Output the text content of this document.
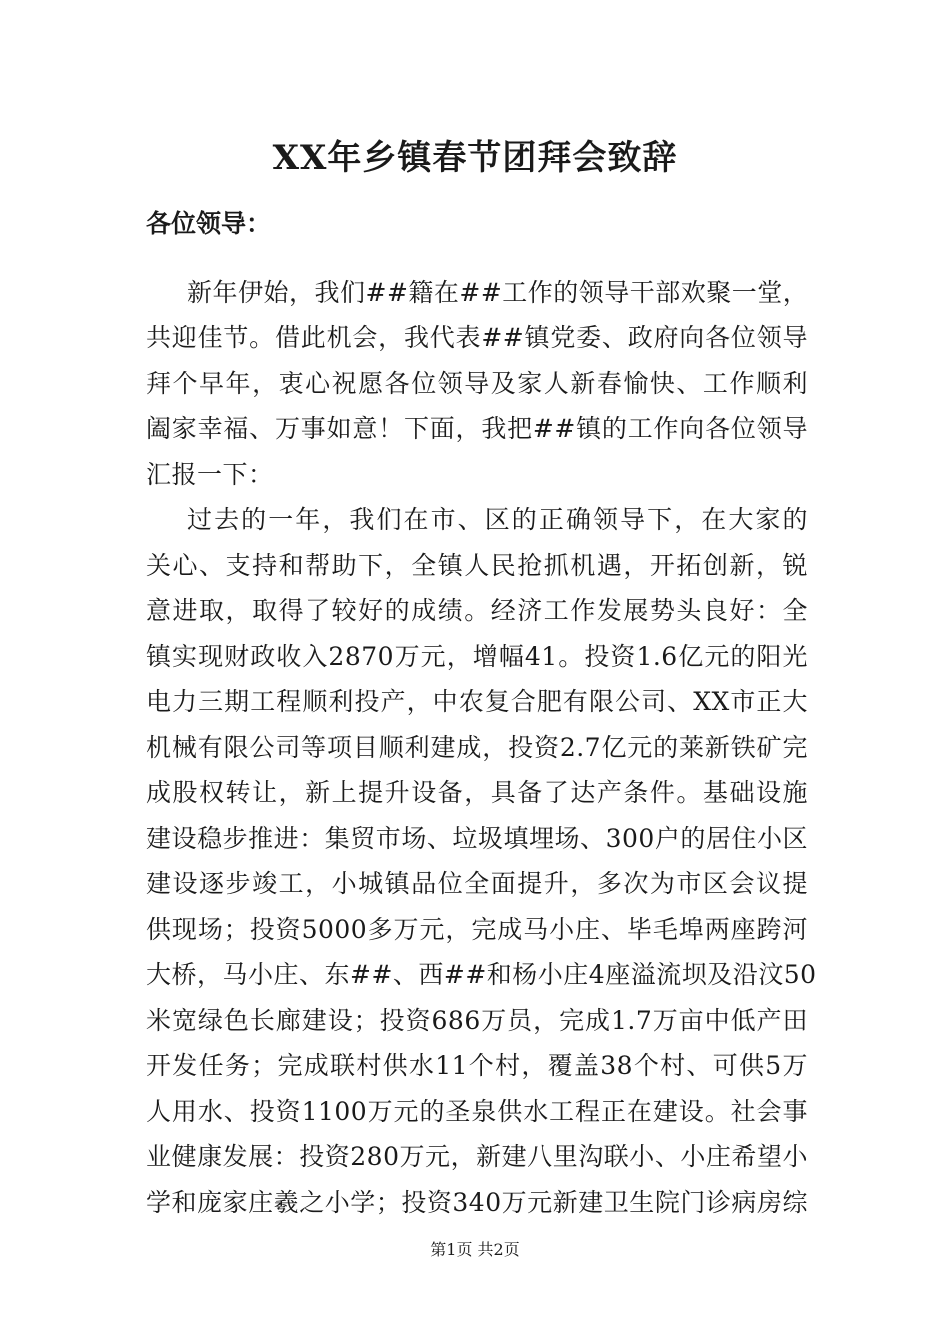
XX年乡镇春节团拜会致辞
各位领导：
新年伊始，我们##籍在##工作的领导干部欢聚一堂，
共迎佳节。借此机会，我代表##镇党委、政府向各位领导
拜个早年，衷心祝愿各位领导及家人新春愉快、工作顺利
阖家幸福、万事如意！下面，我把##镇的工作向各位领导
汇报一下：
过去的一年，我们在市、区的正确领导下，在大家的
关心、支持和帮助下，全镇人民抢抓机遇，开拓创新，锐
意进取，取得了较好的成绩。经济工作发展势头良好：全
镇实现财政收入2870万元，增幅41。投资1.6亿元的阳光
电力三期工程顺利投产，中农复合肥有限公司、XX市正大
机械有限公司等项目顺利建成，投资2.7亿元的莱新铁矿完
成股权转让，新上提升设备，具备了达产条件。基础设施
建设稳步推进：集贸市场、垃圾填埋场、300户的居住小区
建设逐步竣工，小城镇品位全面提升，多次为市区会议提
供现场；投资5000多万元，完成马小庄、毕毛埠两座跨河
大桥，马小庄、东##、西##和杨小庄4座溢流坝及沿汶50
米宽绿色长廊建设；投资686万员，完成1.7万亩中低产田
开发任务；完成联村供水11个村，覆盖38个村、可供5万
人用水、投资1100万元的圣泉供水工程正在建设。社会事
业健康发展：投资280万元，新建八里沟联小、小庄希望小
学和庞家庄羲之小学；投资340万元新建卫生院门诊病房综
第1页 共2页
